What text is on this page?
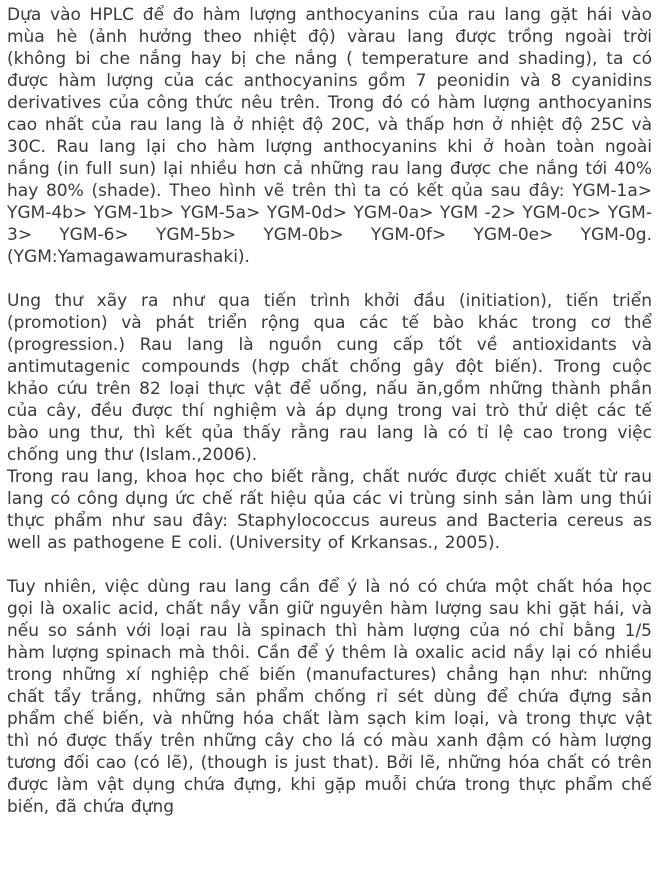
Dựa vào HPLC để đo hàm lượng anthocyanins của rau lang gặt hái vào mùa hè (ảnh hưởng theo nhiệt độ) vàrau lang được trồng ngoài trời (không bi che nắng hay bị che nắng ( temperature and shading), ta có được hàm lượng của các anthocyanins gồm 7 peonidin và 8 cyanidins derivatives của công thức nêu trên. Trong đó có hàm lượng anthocyanins cao nhất của rau lang là ở nhiệt độ 20C, và thấp hơn ở nhiệt độ 25C và 30C. Rau lang lại cho hàm lượng anthocyanins khi ở hoàn toàn ngoài nắng (in full sun) lại nhiều hơn cả những rau lang được che nắng tới 40% hay 80% (shade). Theo hình vẽ trên thì ta có kết qủa sau đây: YGM-1a> YGM-4b> YGM-1b> YGM-5a> YGM-0d> YGM-0a> YGM -2> YGM-0c> YGM-3> YGM-6> YGM-5b> YGM-0b> YGM-0f> YGM-0e> YGM-0g. (YGM:Yamagawamurashaki).

Ung thư xãy ra như qua tiến trình khởi đầu (initiation), tiến triển (promotion) và phát triển rộng qua các tế bào khác trong cơ thể (progression.) Rau lang là nguồn cung cấp tốt về antioxidants và antimutagenic compounds (hợp chất chống gây đột biến). Trong cuộc khảo cứu trên 82 loại thực vật để uống, nấu ăn,gồm những thành phần của cây, đều được thí nghiệm và áp dụng trong vai trò thử diệt các tế bào ung thư, thì kết qủa thấy rằng rau lang là có tỉ lệ cao trong việc chống ung thư (Islam.,2006).

Trong rau lang, khoa học cho biết rằng, chất nước được chiết xuất từ rau lang có công dụng ức chế rất hiệu qủa các vi trùng sinh sản làm ung thúi thực phẩm như sau đây: Staphylococcus aureus and Bacteria cereus as well as pathogene E coli. (University of Krkansas., 2005).

Tuy nhiên, việc dùng rau lang cần để ý là nó có chứa một chất hóa học gọi là oxalic acid, chất nầy vẫn giữ nguyên hàm lượng sau khi gặt hái, và nếu so sánh với loại rau là spinach thì hàm lượng của nó chỉ bằng 1/5 hàm lượng spinach mà thôi. Cần để ý thêm là oxalic acid nầy lại có nhiều trong những xí nghiệp chế biến (manufactures) chẳng hạn như: những chất tẩy trắng, những sản phẩm chống rỉ sét dùng để chứa đựng sản phẩm chế biến, và những hóa chất làm sạch kim loại, và trong thực vật thì nó được thấy trên những cây cho lá có màu xanh đậm có hàm lượng tương đối cao (có lẽ), (though is just that). Bởi lẽ, những hóa chất có trên được làm vật dụng chứa đựng, khi gặp muỗi chứa trong thực phẩm chế biến, đã chứa đựng
